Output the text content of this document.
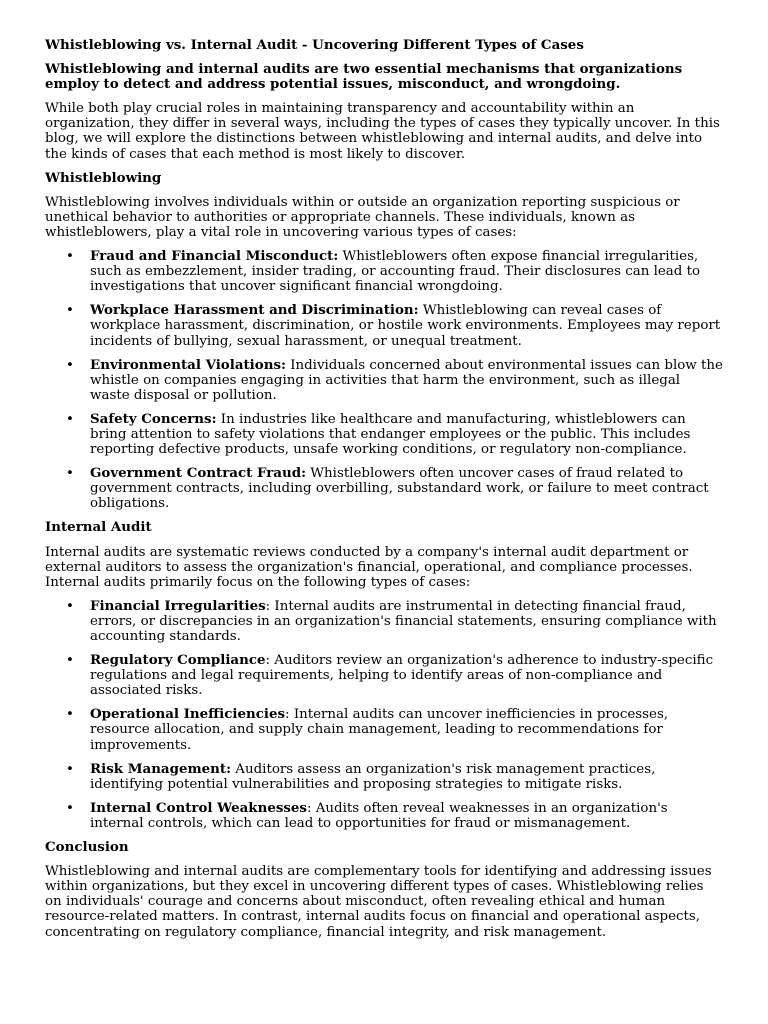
Whistleblowing vs. Internal Audit - Uncovering Different Types of Cases
Whistleblowing and internal audits are two essential mechanisms that organizations employ to detect and address potential issues, misconduct, and wrongdoing.

While both play crucial roles in maintaining transparency and accountability within an organization, they differ in several ways, including the types of cases they typically uncover. In this blog, we will explore the distinctions between whistleblowing and internal audits, and delve into the kinds of cases that each method is most likely to discover.

Whistleblowing

Whistleblowing involves individuals within or outside an organization reporting suspicious or unethical behavior to authorities or appropriate channels. These individuals, known as whistleblowers, play a vital role in uncovering various types of cases:

• Fraud and Financial Misconduct: Whistleblowers often expose financial irregularities, such as embezzlement, insider trading, or accounting fraud. Their disclosures can lead to investigations that uncover significant financial wrongdoing.
• Workplace Harassment and Discrimination: Whistleblowing can reveal cases of workplace harassment, discrimination, or hostile work environments. Employees may report incidents of bullying, sexual harassment, or unequal treatment.
• Environmental Violations: Individuals concerned about environmental issues can blow the whistle on companies engaging in activities that harm the environment, such as illegal waste disposal or pollution.
• Safety Concerns: In industries like healthcare and manufacturing, whistleblowers can bring attention to safety violations that endanger employees or the public. This includes reporting defective products, unsafe working conditions, or regulatory non-compliance.
• Government Contract Fraud: Whistleblowers often uncover cases of fraud related to government contracts, including overbilling, substandard work, or failure to meet contract obligations.
Internal Audit

Internal audits are systematic reviews conducted by a company's internal audit department or external auditors to assess the organization's financial, operational, and compliance processes. Internal audits primarily focus on the following types of cases:

• Financial Irregularities: Internal audits are instrumental in detecting financial fraud, errors, or discrepancies in an organization's financial statements, ensuring compliance with accounting standards.
• Regulatory Compliance: Auditors review an organization's adherence to industry-specific regulations and legal requirements, helping to identify areas of non-compliance and associated risks.
• Operational Inefficiencies: Internal audits can uncover inefficiencies in processes, resource allocation, and supply chain management, leading to recommendations for improvements.
• Risk Management: Auditors assess an organization's risk management practices, identifying potential vulnerabilities and proposing strategies to mitigate risks.
• Internal Control Weaknesses: Audits often reveal weaknesses in an organization's internal controls, which can lead to opportunities for fraud or mismanagement.
Conclusion

Whistleblowing and internal audits are complementary tools for identifying and addressing issues within organizations, but they excel in uncovering different types of cases. Whistleblowing relies on individuals' courage and concerns about misconduct, often revealing ethical and human resource-related matters. In contrast, internal audits focus on financial and operational aspects, concentrating on regulatory compliance, financial integrity, and risk management.
